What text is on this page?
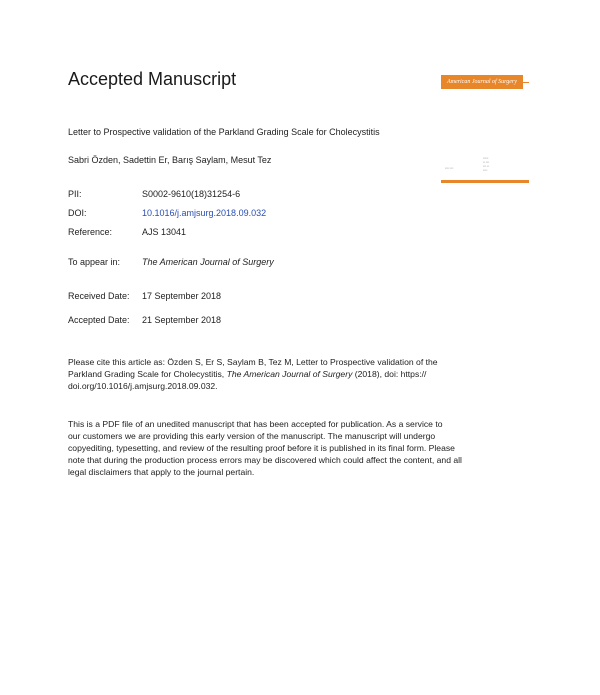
Accepted Manuscript	American Journal of Surgery
Letter to Prospective validation of the Parkland Grading Scale for Cholecystitis
Sabri Özden, Sadettin Er, Barış Saylam, Mesut Tez	▪▪▪▪▪
▪▪ ▪▪▪
▪▪▪ ▪▪
▪▪▪▪
▪▪▪▪ ▪▪▪
PII:	S0002-9610(18)31254-6
DOI:	10.1016/j.amjsurg.2018.09.032
Reference:	AJS 13041
To appear in: The American Journal of Surgery
Received Date: 17 September 2018
Accepted Date: 21 September 2018
Please cite this article as: Özden S, Er S, Saylam B, Tez M, Letter to Prospective validation of the
Parkland Grading Scale for Cholecystitis, The American Journal of Surgery (2018), doi: https://
doi.org/10.1016/j.amjsurg.2018.09.032.
This is a PDF file of an unedited manuscript that has been accepted for publication. As a service to
our customers we are providing this early version of the manuscript. The manuscript will undergo
copyediting, typesetting, and review of the resulting proof before it is published in its final form. Please
note that during the production process errors may be discovered which could affect the content, and all
legal disclaimers that apply to the journal pertain.
